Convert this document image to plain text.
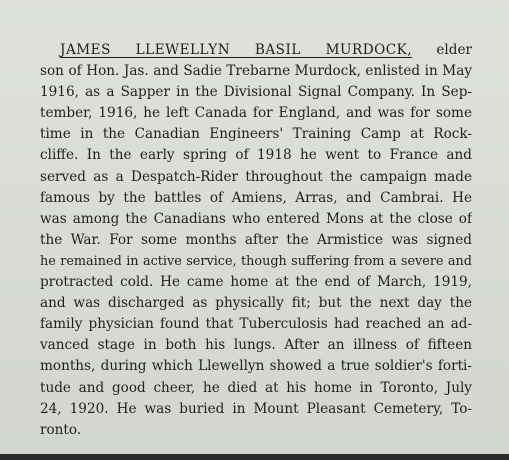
JAMES LLEWELLYN BASIL MURDOCK, elder
son of Hon. Jas. and Sadie Trebarne Murdock, enlisted in May
1916, as a Sapper in the Divisional Signal Company. In Sep-
tember, 1916, he left Canada for England, and was for some
time in the Canadian Engineers' Training Camp at Rock-
cliffe. In the early spring of 1918 he went to France and
served as a Despatch-Rider throughout the campaign made
famous by the battles of Amiens, Arras, and Cambrai. He
was among the Canadians who entered Mons at the close of
the War. For some months after the Armistice was signed
he remained in active service, though suffering from a severe and
protracted cold. He came home at the end of March, 1919,
and was discharged as physically fit; but the next day the
family physician found that Tuberculosis had reached an ad-
vanced stage in both his lungs. After an illness of fifteen
months, during which Llewellyn showed a true soldier's forti-
tude and good cheer, he died at his home in Toronto, July
24, 1920. He was buried in Mount Pleasant Cemetery, To-
ronto.
